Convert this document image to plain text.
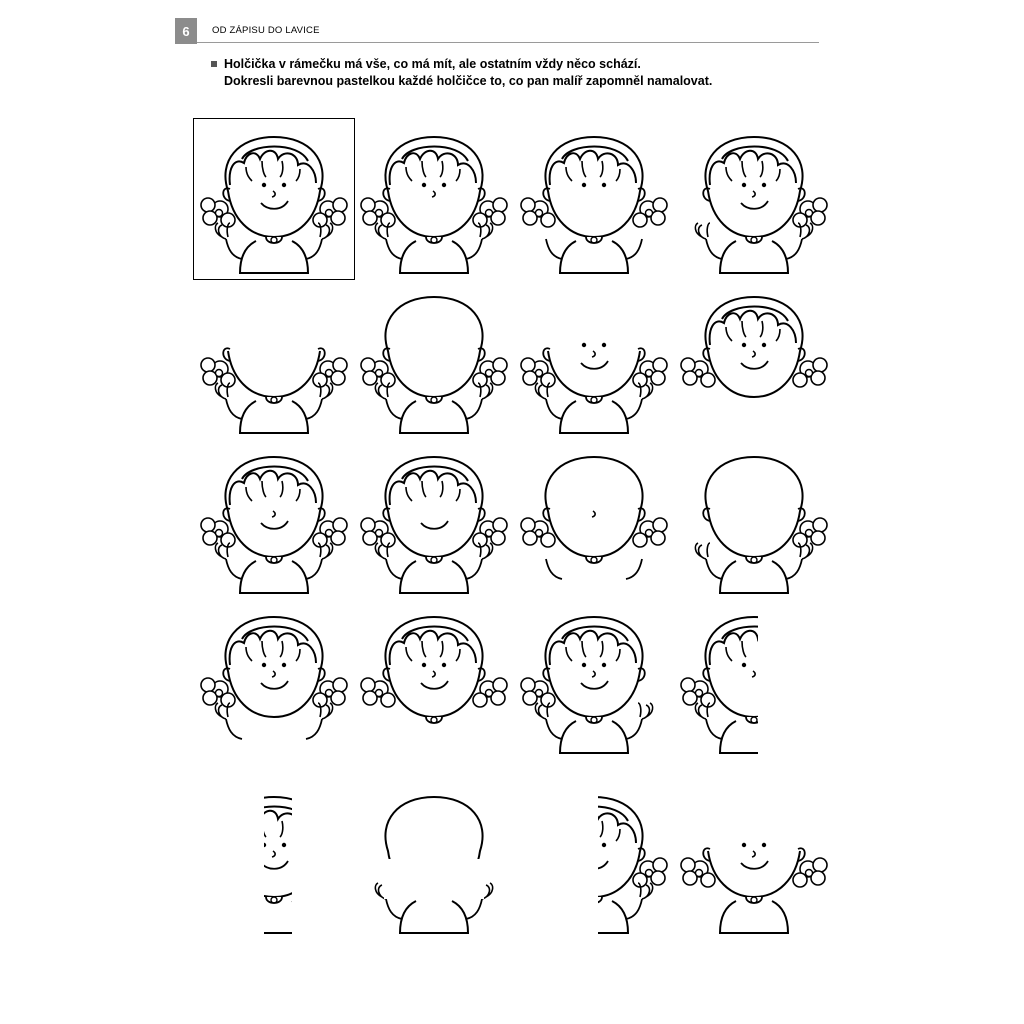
6	OD ZÁPISU DO LAVICE
Holčička v rámečku má vše, co má mít, ale ostatním vždy něco schází.
Dokresli barevnou pastelkou každé holčičce to, co pan malíř zapomněl namalovat.
